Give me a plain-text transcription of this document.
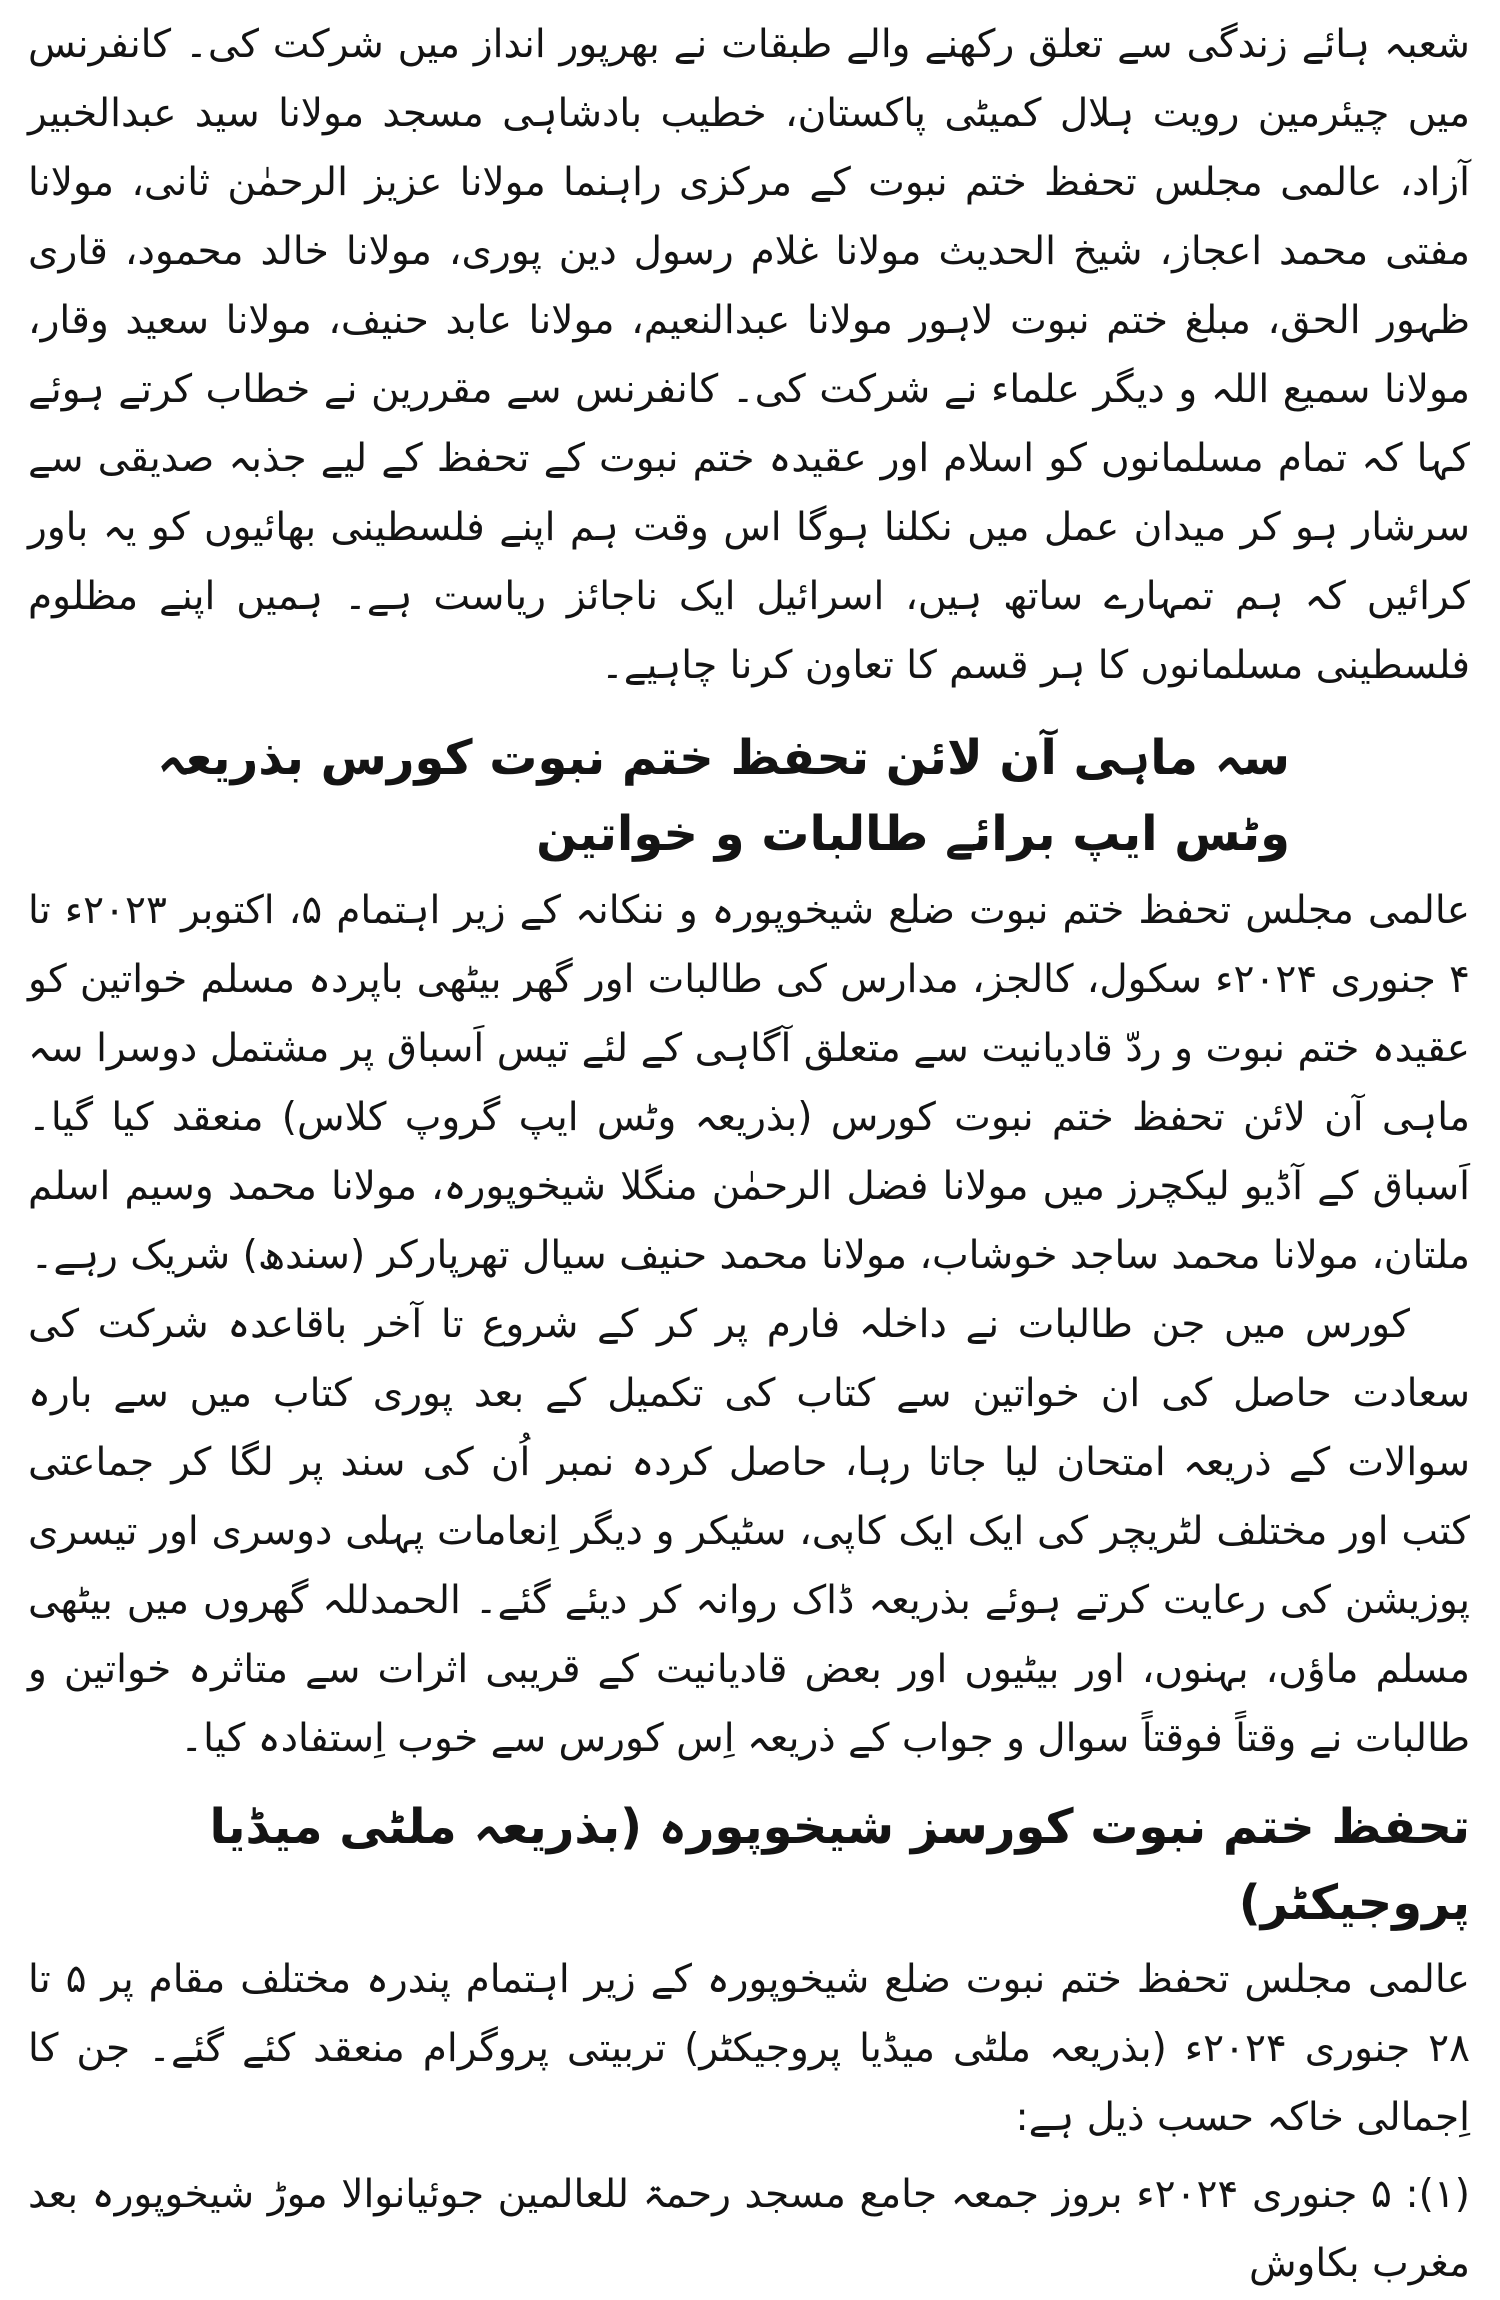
شعبہ ہائے زندگی سے تعلق رکھنے والے طبقات نے بھرپور انداز میں شرکت کی۔ کانفرنس میں چیئرمین رویت ہلال کمیٹی پاکستان، خطیب بادشاہی مسجد مولانا سید عبدالخبیر آزاد، عالمی مجلس تحفظ ختم نبوت کے مرکزی راہنما مولانا عزیز الرحمٰن ثانی، مولانا مفتی محمد اعجاز، شیخ الحدیث مولانا غلام رسول دین پوری، مولانا خالد محمود، قاری ظہور الحق، مبلغ ختم نبوت لاہور مولانا عبدالنعیم، مولانا عابد حنیف، مولانا سعید وقار، مولانا سمیع اللہ و دیگر علماء نے شرکت کی۔ کانفرنس سے مقررین نے خطاب کرتے ہوئے کہا کہ تمام مسلمانوں کو اسلام اور عقیدہ ختم نبوت کے تحفظ کے لیے جذبہ صدیقی سے سرشار ہو کر میدان عمل میں نکلنا ہوگا اس وقت ہم اپنے فلسطینی بھائیوں کو یہ باور کرائیں کہ ہم تمہارے ساتھ ہیں، اسرائیل ایک ناجائز ریاست ہے۔ ہمیں اپنے مظلوم فلسطینی مسلمانوں کا ہر قسم کا تعاون کرنا چاہیے۔

سہ ماہی آن لائن تحفظ ختم نبوت کورس بذریعہ وٹس ایپ برائے طالبات و خواتین

عالمی مجلس تحفظ ختم نبوت ضلع شیخوپورہ و ننکانہ کے زیر اہتمام ۵، اکتوبر ۲۰۲۳ء تا ۴ جنوری ۲۰۲۴ء سکول، کالجز، مدارس کی طالبات اور گھر بیٹھی باپردہ مسلم خواتین کو عقیدہ ختم نبوت و ردّ قادیانیت سے متعلق آگاہی کے لئے تیس اَسباق پر مشتمل دوسرا سہ ماہی آن لائن تحفظ ختم نبوت کورس (بذریعہ وٹس ایپ گروپ کلاس) منعقد کیا گیا۔ اَسباق کے آڈیو لیکچرز میں مولانا فضل الرحمٰن منگلا شیخوپورہ، مولانا محمد وسیم اسلم ملتان، مولانا محمد ساجد خوشاب، مولانا محمد حنیف سیال تھرپارکر (سندھ) شریک رہے۔

کورس میں جن طالبات نے داخلہ فارم پر کر کے شروع تا آخر باقاعدہ شرکت کی سعادت حاصل کی ان خواتین سے کتاب کی تکمیل کے بعد پوری کتاب میں سے بارہ سوالات کے ذریعہ امتحان لیا جاتا رہا، حاصل کردہ نمبر اُن کی سند پر لگا کر جماعتی کتب اور مختلف لٹریچر کی ایک ایک کاپی، سٹیکر و دیگر اِنعامات پہلی دوسری اور تیسری پوزیشن کی رعایت کرتے ہوئے بذریعہ ڈاک روانہ کر دیئے گئے۔ الحمدللہ گھروں میں بیٹھی مسلم ماؤں، بہنوں، اور بیٹیوں اور بعض قادیانیت کے قریبی اثرات سے متاثرہ خواتین و طالبات نے وقتاً فوقتاً سوال و جواب کے ذریعہ اِس کورس سے خوب اِستفادہ کیا۔

تحفظ ختم نبوت کورسز شیخوپورہ (بذریعہ ملٹی میڈیا پروجیکٹر)

عالمی مجلس تحفظ ختم نبوت ضلع شیخوپورہ کے زیر اہتمام پندرہ مختلف مقام پر ۵ تا ۲۸ جنوری ۲۰۲۴ء (بذریعہ ملٹی میڈیا پروجیکٹر) تربیتی پروگرام منعقد کئے گئے۔ جن کا اِجمالی خاکہ حسب ذیل ہے:

(۱): ۵ جنوری ۲۰۲۴ء بروز جمعہ جامع مسجد رحمۃ للعالمین جوئیانوالا موڑ شیخوپورہ بعد مغرب بکاوش
